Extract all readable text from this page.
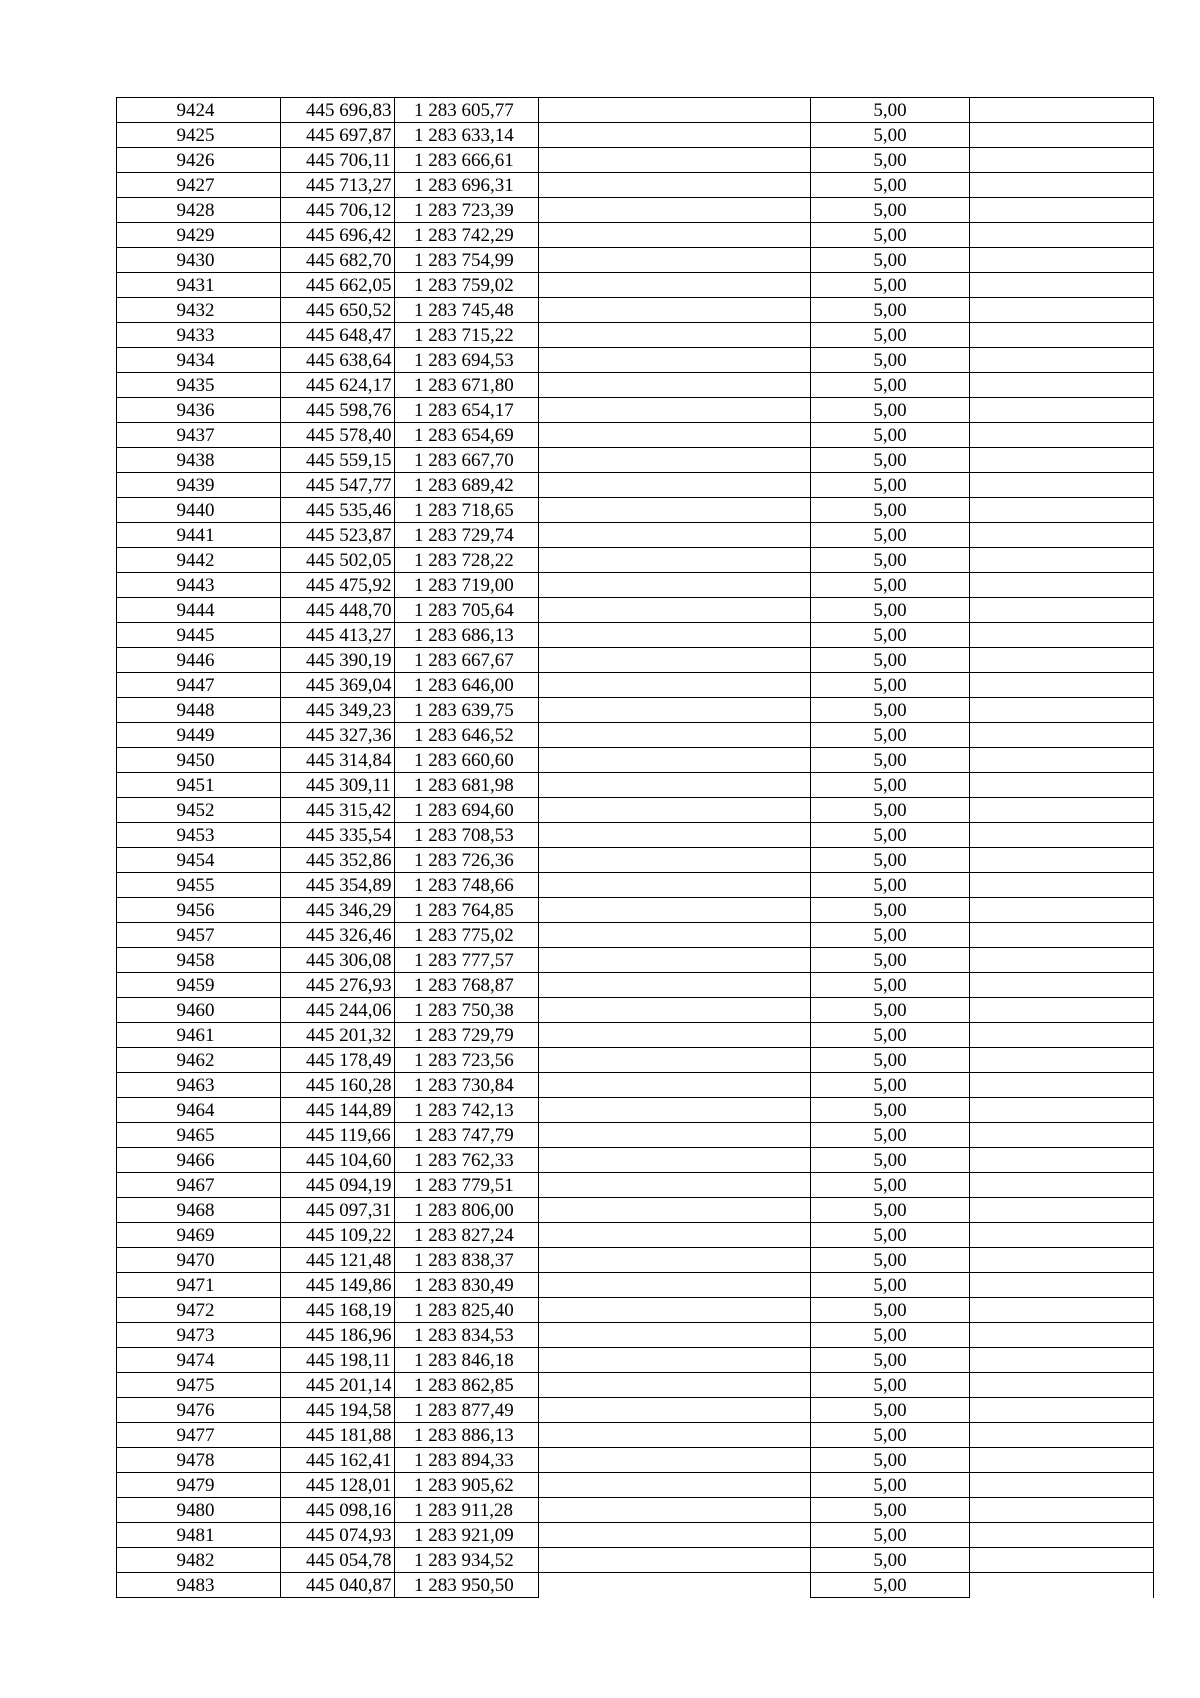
9424	445 696,83	1 283 605,77		5,00	
9425	445 697,87	1 283 633,14		5,00	
9426	445 706,11	1 283 666,61		5,00	
9427	445 713,27	1 283 696,31		5,00	
9428	445 706,12	1 283 723,39		5,00	
9429	445 696,42	1 283 742,29		5,00	
9430	445 682,70	1 283 754,99		5,00	
9431	445 662,05	1 283 759,02		5,00	
9432	445 650,52	1 283 745,48		5,00	
9433	445 648,47	1 283 715,22		5,00	
9434	445 638,64	1 283 694,53		5,00	
9435	445 624,17	1 283 671,80		5,00	
9436	445 598,76	1 283 654,17		5,00	
9437	445 578,40	1 283 654,69		5,00	
9438	445 559,15	1 283 667,70		5,00	
9439	445 547,77	1 283 689,42		5,00	
9440	445 535,46	1 283 718,65		5,00	
9441	445 523,87	1 283 729,74		5,00	
9442	445 502,05	1 283 728,22		5,00	
9443	445 475,92	1 283 719,00		5,00	
9444	445 448,70	1 283 705,64		5,00	
9445	445 413,27	1 283 686,13		5,00	
9446	445 390,19	1 283 667,67		5,00	
9447	445 369,04	1 283 646,00		5,00	
9448	445 349,23	1 283 639,75		5,00	
9449	445 327,36	1 283 646,52		5,00	
9450	445 314,84	1 283 660,60		5,00	
9451	445 309,11	1 283 681,98		5,00	
9452	445 315,42	1 283 694,60		5,00	
9453	445 335,54	1 283 708,53		5,00	
9454	445 352,86	1 283 726,36		5,00	
9455	445 354,89	1 283 748,66		5,00	
9456	445 346,29	1 283 764,85		5,00	
9457	445 326,46	1 283 775,02		5,00	
9458	445 306,08	1 283 777,57		5,00	
9459	445 276,93	1 283 768,87		5,00	
9460	445 244,06	1 283 750,38		5,00	
9461	445 201,32	1 283 729,79		5,00	
9462	445 178,49	1 283 723,56		5,00	
9463	445 160,28	1 283 730,84		5,00	
9464	445 144,89	1 283 742,13		5,00	
9465	445 119,66	1 283 747,79		5,00	
9466	445 104,60	1 283 762,33		5,00	
9467	445 094,19	1 283 779,51		5,00	
9468	445 097,31	1 283 806,00		5,00	
9469	445 109,22	1 283 827,24		5,00	
9470	445 121,48	1 283 838,37		5,00	
9471	445 149,86	1 283 830,49		5,00	
9472	445 168,19	1 283 825,40		5,00	
9473	445 186,96	1 283 834,53		5,00	
9474	445 198,11	1 283 846,18		5,00	
9475	445 201,14	1 283 862,85		5,00	
9476	445 194,58	1 283 877,49		5,00	
9477	445 181,88	1 283 886,13		5,00	
9478	445 162,41	1 283 894,33		5,00	
9479	445 128,01	1 283 905,62		5,00	
9480	445 098,16	1 283 911,28		5,00	
9481	445 074,93	1 283 921,09		5,00	
9482	445 054,78	1 283 934,52		5,00	
9483	445 040,87	1 283 950,50		5,00	
